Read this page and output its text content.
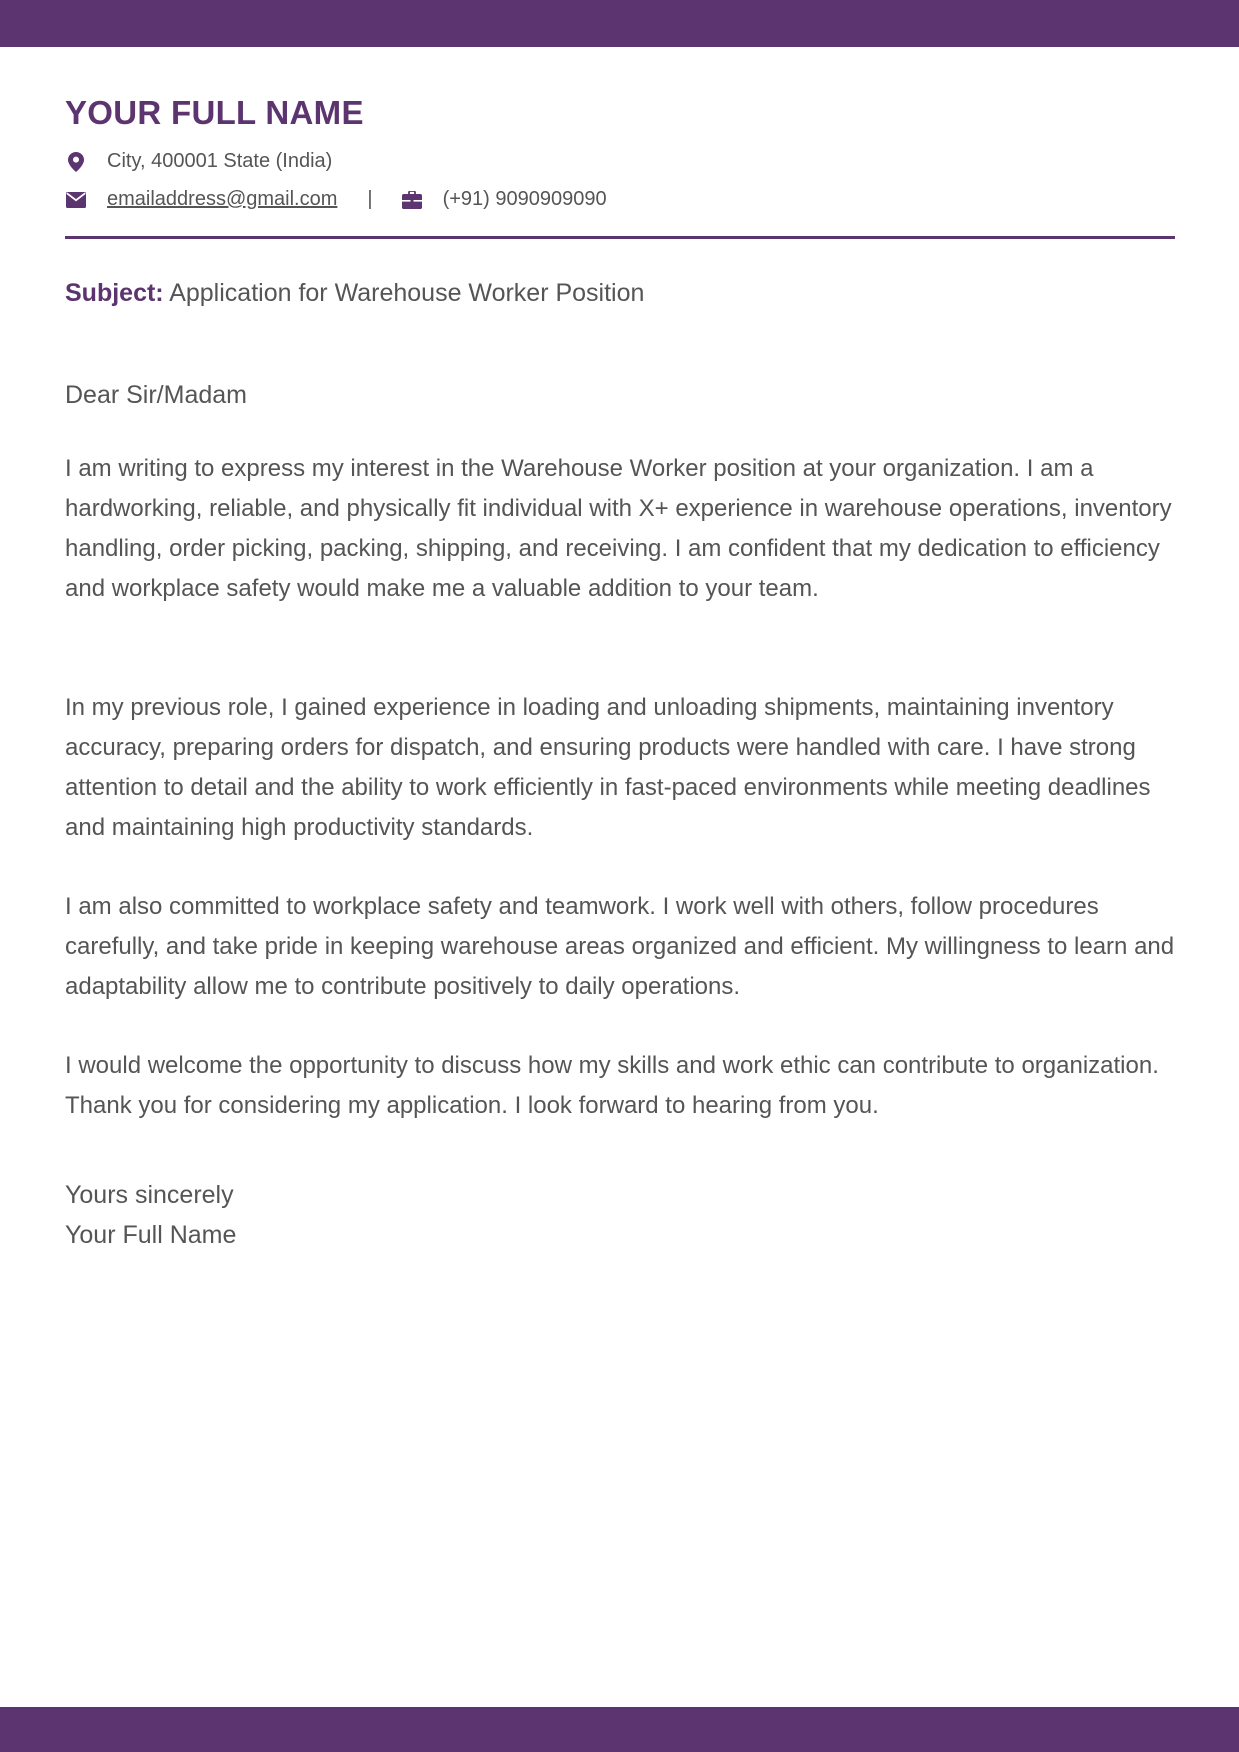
YOUR FULL NAME
City, 400001 State (India)
emailaddress@gmail.com |	(+91) 9090909090
Subject: Application for Warehouse Worker Position
Dear Sir/Madam

I am writing to express my interest in the Warehouse Worker position at your organization. I am a hardworking, reliable, and physically fit individual with X+ experience in warehouse operations, inventory handling, order picking, packing, shipping, and receiving. I am confident that my dedication to efficiency and workplace safety would make me a valuable addition to your team.

In my previous role, I gained experience in loading and unloading shipments, maintaining inventory accuracy, preparing orders for dispatch, and ensuring products were handled with care. I have strong attention to detail and the ability to work efficiently in fast-paced environments while meeting deadlines and maintaining high productivity standards.

I am also committed to workplace safety and teamwork. I work well with others, follow procedures carefully, and take pride in keeping warehouse areas organized and efficient. My willingness to learn and adaptability allow me to contribute positively to daily operations.

I would welcome the opportunity to discuss how my skills and work ethic can contribute to organization. Thank you for considering my application. I look forward to hearing from you.

Yours sincerely
Your Full Name
